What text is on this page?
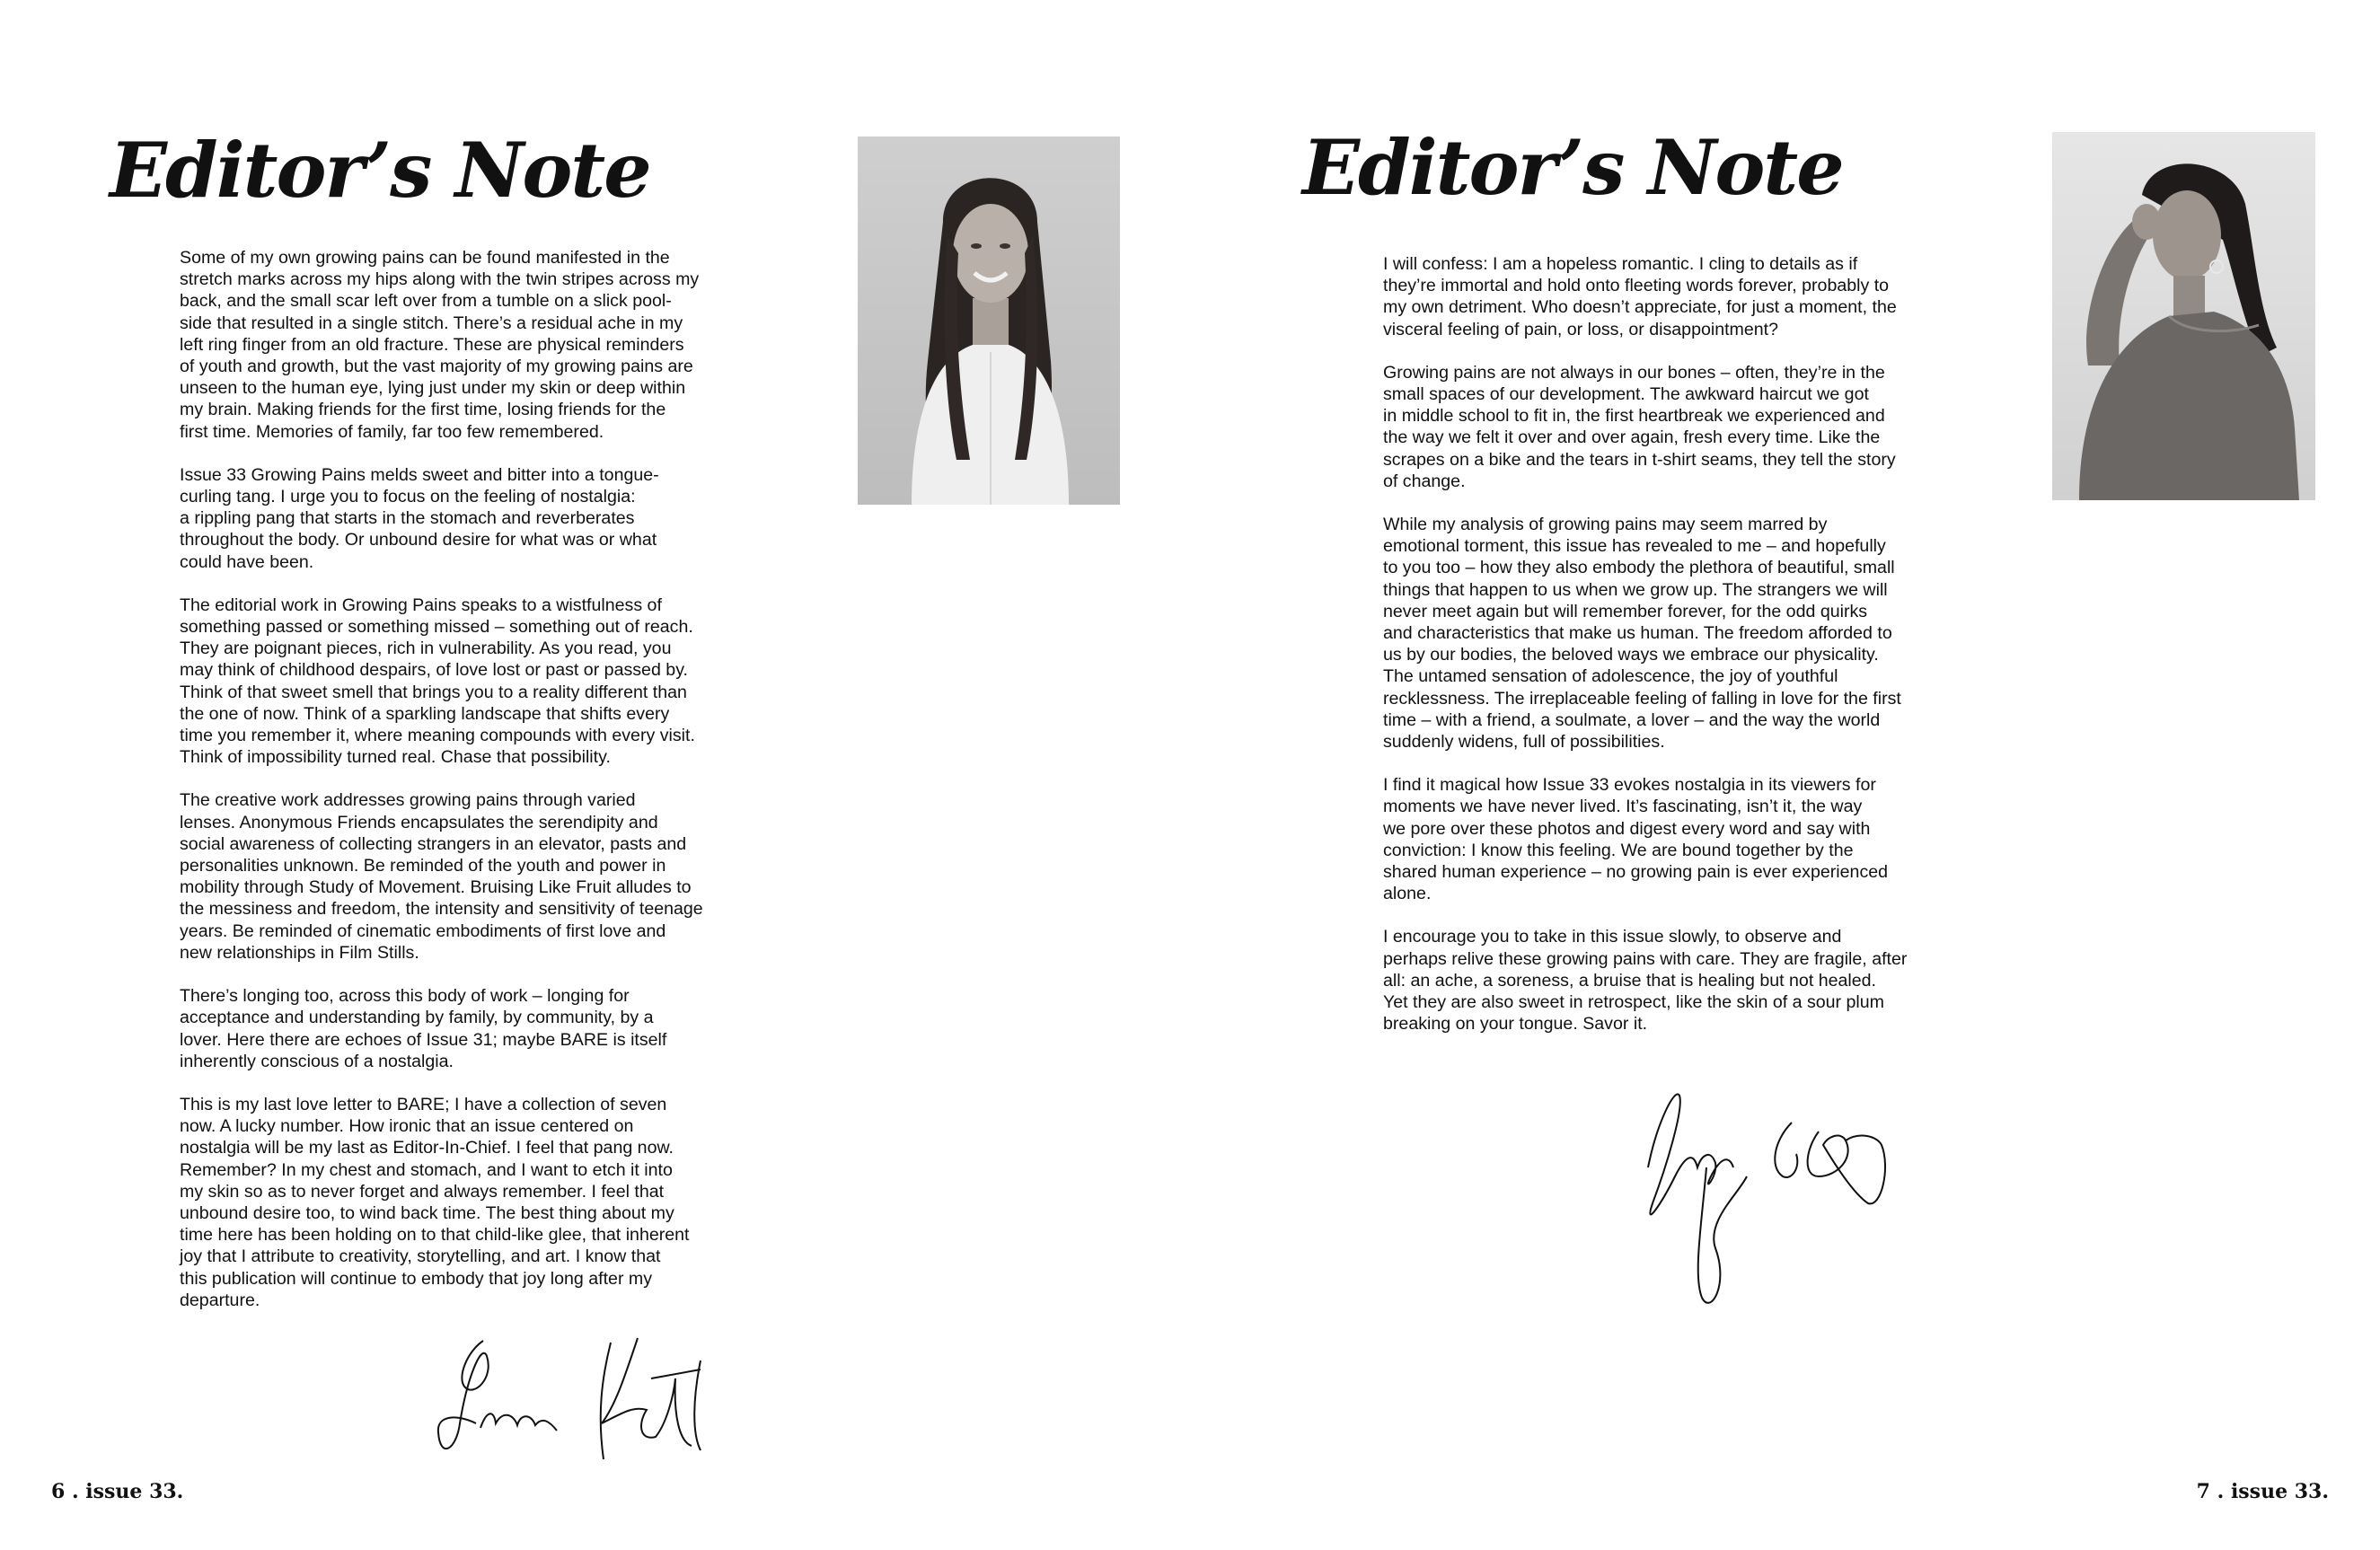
Editor’s Note

Some of my own growing pains can be found manifested in the
stretch marks across my hips along with the twin stripes across my
back, and the small scar left over from a tumble on a slick pool-
side that resulted in a single stitch. There’s a residual ache in my
left ring finger from an old fracture. These are physical reminders
of youth and growth, but the vast majority of my growing pains are
unseen to the human eye, lying just under my skin or deep within
my brain. Making friends for the first time, losing friends for the
first time. Memories of family, far too few remembered.

Issue 33 Growing Pains melds sweet and bitter into a tongue-
curling tang. I urge you to focus on the feeling of nostalgia:
a rippling pang that starts in the stomach and reverberates
throughout the body. Or unbound desire for what was or what
could have been.

The editorial work in Growing Pains speaks to a wistfulness of
something passed or something missed – something out of reach.
They are poignant pieces, rich in vulnerability. As you read, you
may think of childhood despairs, of love lost or past or passed by.
Think of that sweet smell that brings you to a reality different than
the one of now. Think of a sparkling landscape that shifts every
time you remember it, where meaning compounds with every visit.
Think of impossibility turned real. Chase that possibility.

The creative work addresses growing pains through varied
lenses. Anonymous Friends encapsulates the serendipity and
social awareness of collecting strangers in an elevator, pasts and
personalities unknown. Be reminded of the youth and power in
mobility through Study of Movement. Bruising Like Fruit alludes to
the messiness and freedom, the intensity and sensitivity of teenage
years. Be reminded of cinematic embodiments of first love and
new relationships in Film Stills.

There’s longing too, across this body of work – longing for
acceptance and understanding by family, by community, by a
lover. Here there are echoes of Issue 31; maybe BARE is itself
inherently conscious of a nostalgia.

This is my last love letter to BARE; I have a collection of seven
now. A lucky number. How ironic that an issue centered on
nostalgia will be my last as Editor-In-Chief. I feel that pang now.
Remember? In my chest and stomach, and I want to etch it into
my skin so as to never forget and always remember. I feel that
unbound desire too, to wind back time. The best thing about my
time here has been holding on to that child-like glee, that inherent
joy that I attribute to creativity, storytelling, and art. I know that
this publication will continue to embody that joy long after my
departure.

6 . issue 33.

Editor’s Note

I will confess: I am a hopeless romantic. I cling to details as if
they’re immortal and hold onto fleeting words forever, probably to
my own detriment. Who doesn’t appreciate, for just a moment, the
visceral feeling of pain, or loss, or disappointment?

Growing pains are not always in our bones – often, they’re in the
small spaces of our development. The awkward haircut we got
in middle school to fit in, the first heartbreak we experienced and
the way we felt it over and over again, fresh every time. Like the
scrapes on a bike and the tears in t-shirt seams, they tell the story
of change.

While my analysis of growing pains may seem marred by
emotional torment, this issue has revealed to me – and hopefully
to you too – how they also embody the plethora of beautiful, small
things that happen to us when we grow up. The strangers we will
never meet again but will remember forever, for the odd quirks
and characteristics that make us human. The freedom afforded to
us by our bodies, the beloved ways we embrace our physicality.
The untamed sensation of adolescence, the joy of youthful
recklessness. The irreplaceable feeling of falling in love for the first
time – with a friend, a soulmate, a lover – and the way the world
suddenly widens, full of possibilities.

I find it magical how Issue 33 evokes nostalgia in its viewers for
moments we have never lived. It’s fascinating, isn’t it, the way
we pore over these photos and digest every word and say with
conviction: I know this feeling. We are bound together by the
shared human experience – no growing pain is ever experienced
alone.

I encourage you to take in this issue slowly, to observe and
perhaps relive these growing pains with care. They are fragile, after
all: an ache, a soreness, a bruise that is healing but not healed.
Yet they are also sweet in retrospect, like the skin of a sour plum
breaking on your tongue. Savor it.

7 . issue 33.
